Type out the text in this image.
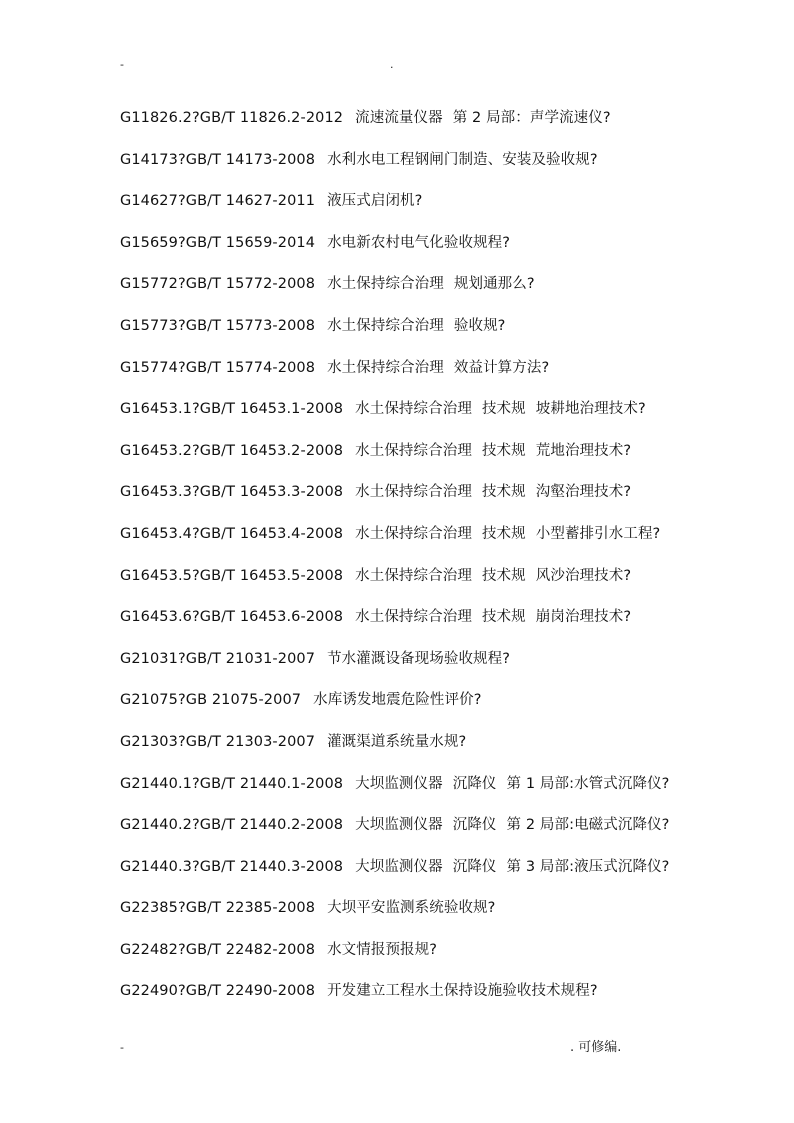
-	.
G11826.2?GB/T 11826.2-2012 流速流量仪器 第 2 局部：声学流速仪?
G14173?GB/T 14173-2008 水利水电工程钢闸门制造、安装及验收规?
G14627?GB/T 14627-2011 液压式启闭机?
G15659?GB/T 15659-2014 水电新农村电气化验收规程?
G15772?GB/T 15772-2008 水土保持综合治理 规划通那么?
G15773?GB/T 15773-2008 水土保持综合治理 验收规?
G15774?GB/T 15774-2008 水土保持综合治理 效益计算方法?
G16453.1?GB/T 16453.1-2008 水土保持综合治理 技术规 坡耕地治理技术?
G16453.2?GB/T 16453.2-2008 水土保持综合治理 技术规 荒地治理技术?
G16453.3?GB/T 16453.3-2008 水土保持综合治理 技术规 沟壑治理技术?
G16453.4?GB/T 16453.4-2008 水土保持综合治理 技术规 小型蓄排引水工程?
G16453.5?GB/T 16453.5-2008 水土保持综合治理 技术规 风沙治理技术?
G16453.6?GB/T 16453.6-2008 水土保持综合治理 技术规 崩岗治理技术?
G21031?GB/T 21031-2007 节水灌溉设备现场验收规程?
G21075?GB 21075-2007 水库诱发地震危险性评价?
G21303?GB/T 21303-2007 灌溉渠道系统量水规?
G21440.1?GB/T 21440.1-2008 大坝监测仪器 沉降仪 第 1 局部:水管式沉降仪?
G21440.2?GB/T 21440.2-2008 大坝监测仪器 沉降仪 第 2 局部:电磁式沉降仪?
G21440.3?GB/T 21440.3-2008 大坝监测仪器 沉降仪 第 3 局部:液压式沉降仪?
G22385?GB/T 22385-2008 大坝平安监测系统验收规?
G22482?GB/T 22482-2008 水文情报预报规?
G22490?GB/T 22490-2008 开发建立工程水土保持设施验收技术规程?
-	. 可修编.
